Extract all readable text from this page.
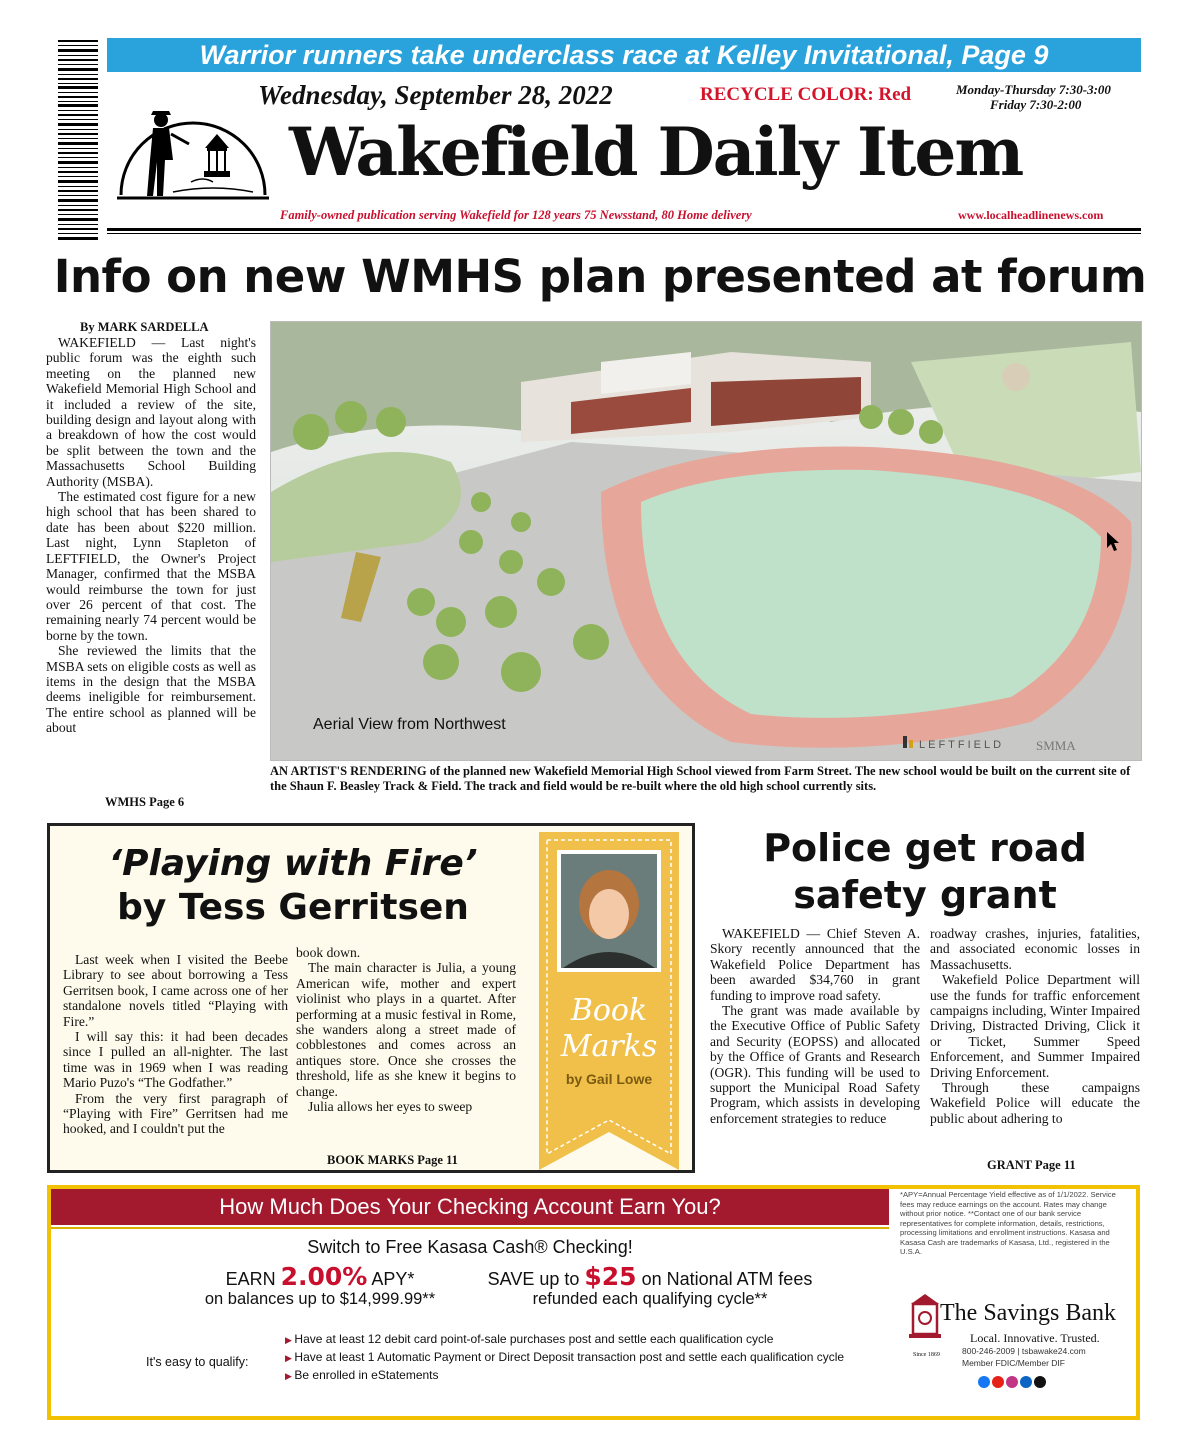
Warrior runners take underclass race at Kelley Invitational, Page 9
Wednesday, September 28, 2022	RECYCLE COLOR: Red	Monday-Thursday 7:30-3:00
Friday 7:30-2:00
Wakefield Daily Item
Family-owned publication serving Wakefield for 128 years 75 Newsstand, 80 Home delivery	www.localheadlinenews.com
Info on new WMHS plan presented at forum
By MARK SARDELLA

WAKEFIELD — Last night's public forum was the eighth such meeting on the planned new Wakefield Memorial High School and it included a review of the site, building design and layout along with a breakdown of how the cost would be split between the town and the Massachusetts School Building Authority (MSBA).

The estimated cost figure for a new high school that has been shared to date has been about $220 million. Last night, Lynn Stapleton of LEFTFIELD, the Owner's Project Manager, confirmed that the MSBA would reimburse the town for just over 26 percent of that cost. The remaining nearly 74 percent would be borne by the town.

She reviewed the limits that the MSBA sets on eligible costs as well as items in the design that the MSBA deems ineligible for reimbursement. The entire school as planned will be about

WMHS Page 6
Aerial View from Northwest
LEFTFIELD SMMA
AN ARTIST'S RENDERING of the planned new Wakefield Memorial High School viewed from Farm Street. The new school would be built on the current site of the Shaun F. Beasley Track & Field. The track and field would be re-built where the old high school currently sits.
‘Playing with Fire’
by Tess Gerritsen

Last week when I visited the Beebe Library to see about borrowing a Tess Gerritsen book, I came across one of her standalone novels titled “Playing with Fire.”

I will say this: it had been decades since I pulled an all-nighter. The last time was in 1969 when I was reading Mario Puzo's “The Godfather.”

From the very first paragraph of “Playing with Fire” Gerritsen had me hooked, and I couldn't put the

book down.

The main character is Julia, a young American wife, mother and expert violinist who plays in a quartet. After performing at a music festival in Rome, she wanders along a street made of cobblestones and comes across an antiques store. Once she crosses the threshold, life as she knew it begins to change.

Julia allows her eyes to sweep

BOOK MARKS Page 11
Book
Marks
by Gail Lowe
Police get road
safety grant

WAKEFIELD — Chief Steven A. Skory recently announced that the Wakefield Police Department has been awarded $34,760 in grant funding to improve road safety.

The grant was made available by the Executive Office of Public Safety and Security (EOPSS) and allocated by the Office of Grants and Research (OGR). This funding will be used to support the Municipal Road Safety Program, which assists in developing enforcement strategies to reduce

roadway crashes, injuries, fatalities, and associated economic losses in Massachusetts.

Wakefield Police Department will use the funds for traffic enforcement campaigns including, Winter Impaired Driving, Distracted Driving, Click it or Ticket, Summer Speed Enforcement, and Summer Impaired Driving Enforcement.

Through these campaigns Wakefield Police will educate the public about adhering to

GRANT Page 11
How Much Does Your Checking Account Earn You?
Switch to Free Kasasa Cash® Checking!
EARN 2.00% APY*
on balances up to $14,999.99**
SAVE up to $25 on National ATM fees
refunded each qualifying cycle**
It's easy to qualify:
▶ Have at least 12 debit card point-of-sale purchases post and settle each qualification cycle
▶ Have at least 1 Automatic Payment or Direct Deposit transaction post and settle each qualification cycle
▶ Be enrolled in eStatements
*APY=Annual Percentage Yield effective as of 1/1/2022. Service fees may reduce earnings on the account. Rates may change without prior notice. **Contact one of our bank service representatives for complete information, details, restrictions, processing limitations and enrollment instructions. Kasasa and Kasasa Cash are trademarks of Kasasa, Ltd., registered in the U.S.A.
The Savings Bank
Local. Innovative. Trusted.
Since 1869	800-246-2009 | tsbawake24.com
Member FDIC/Member DIF
